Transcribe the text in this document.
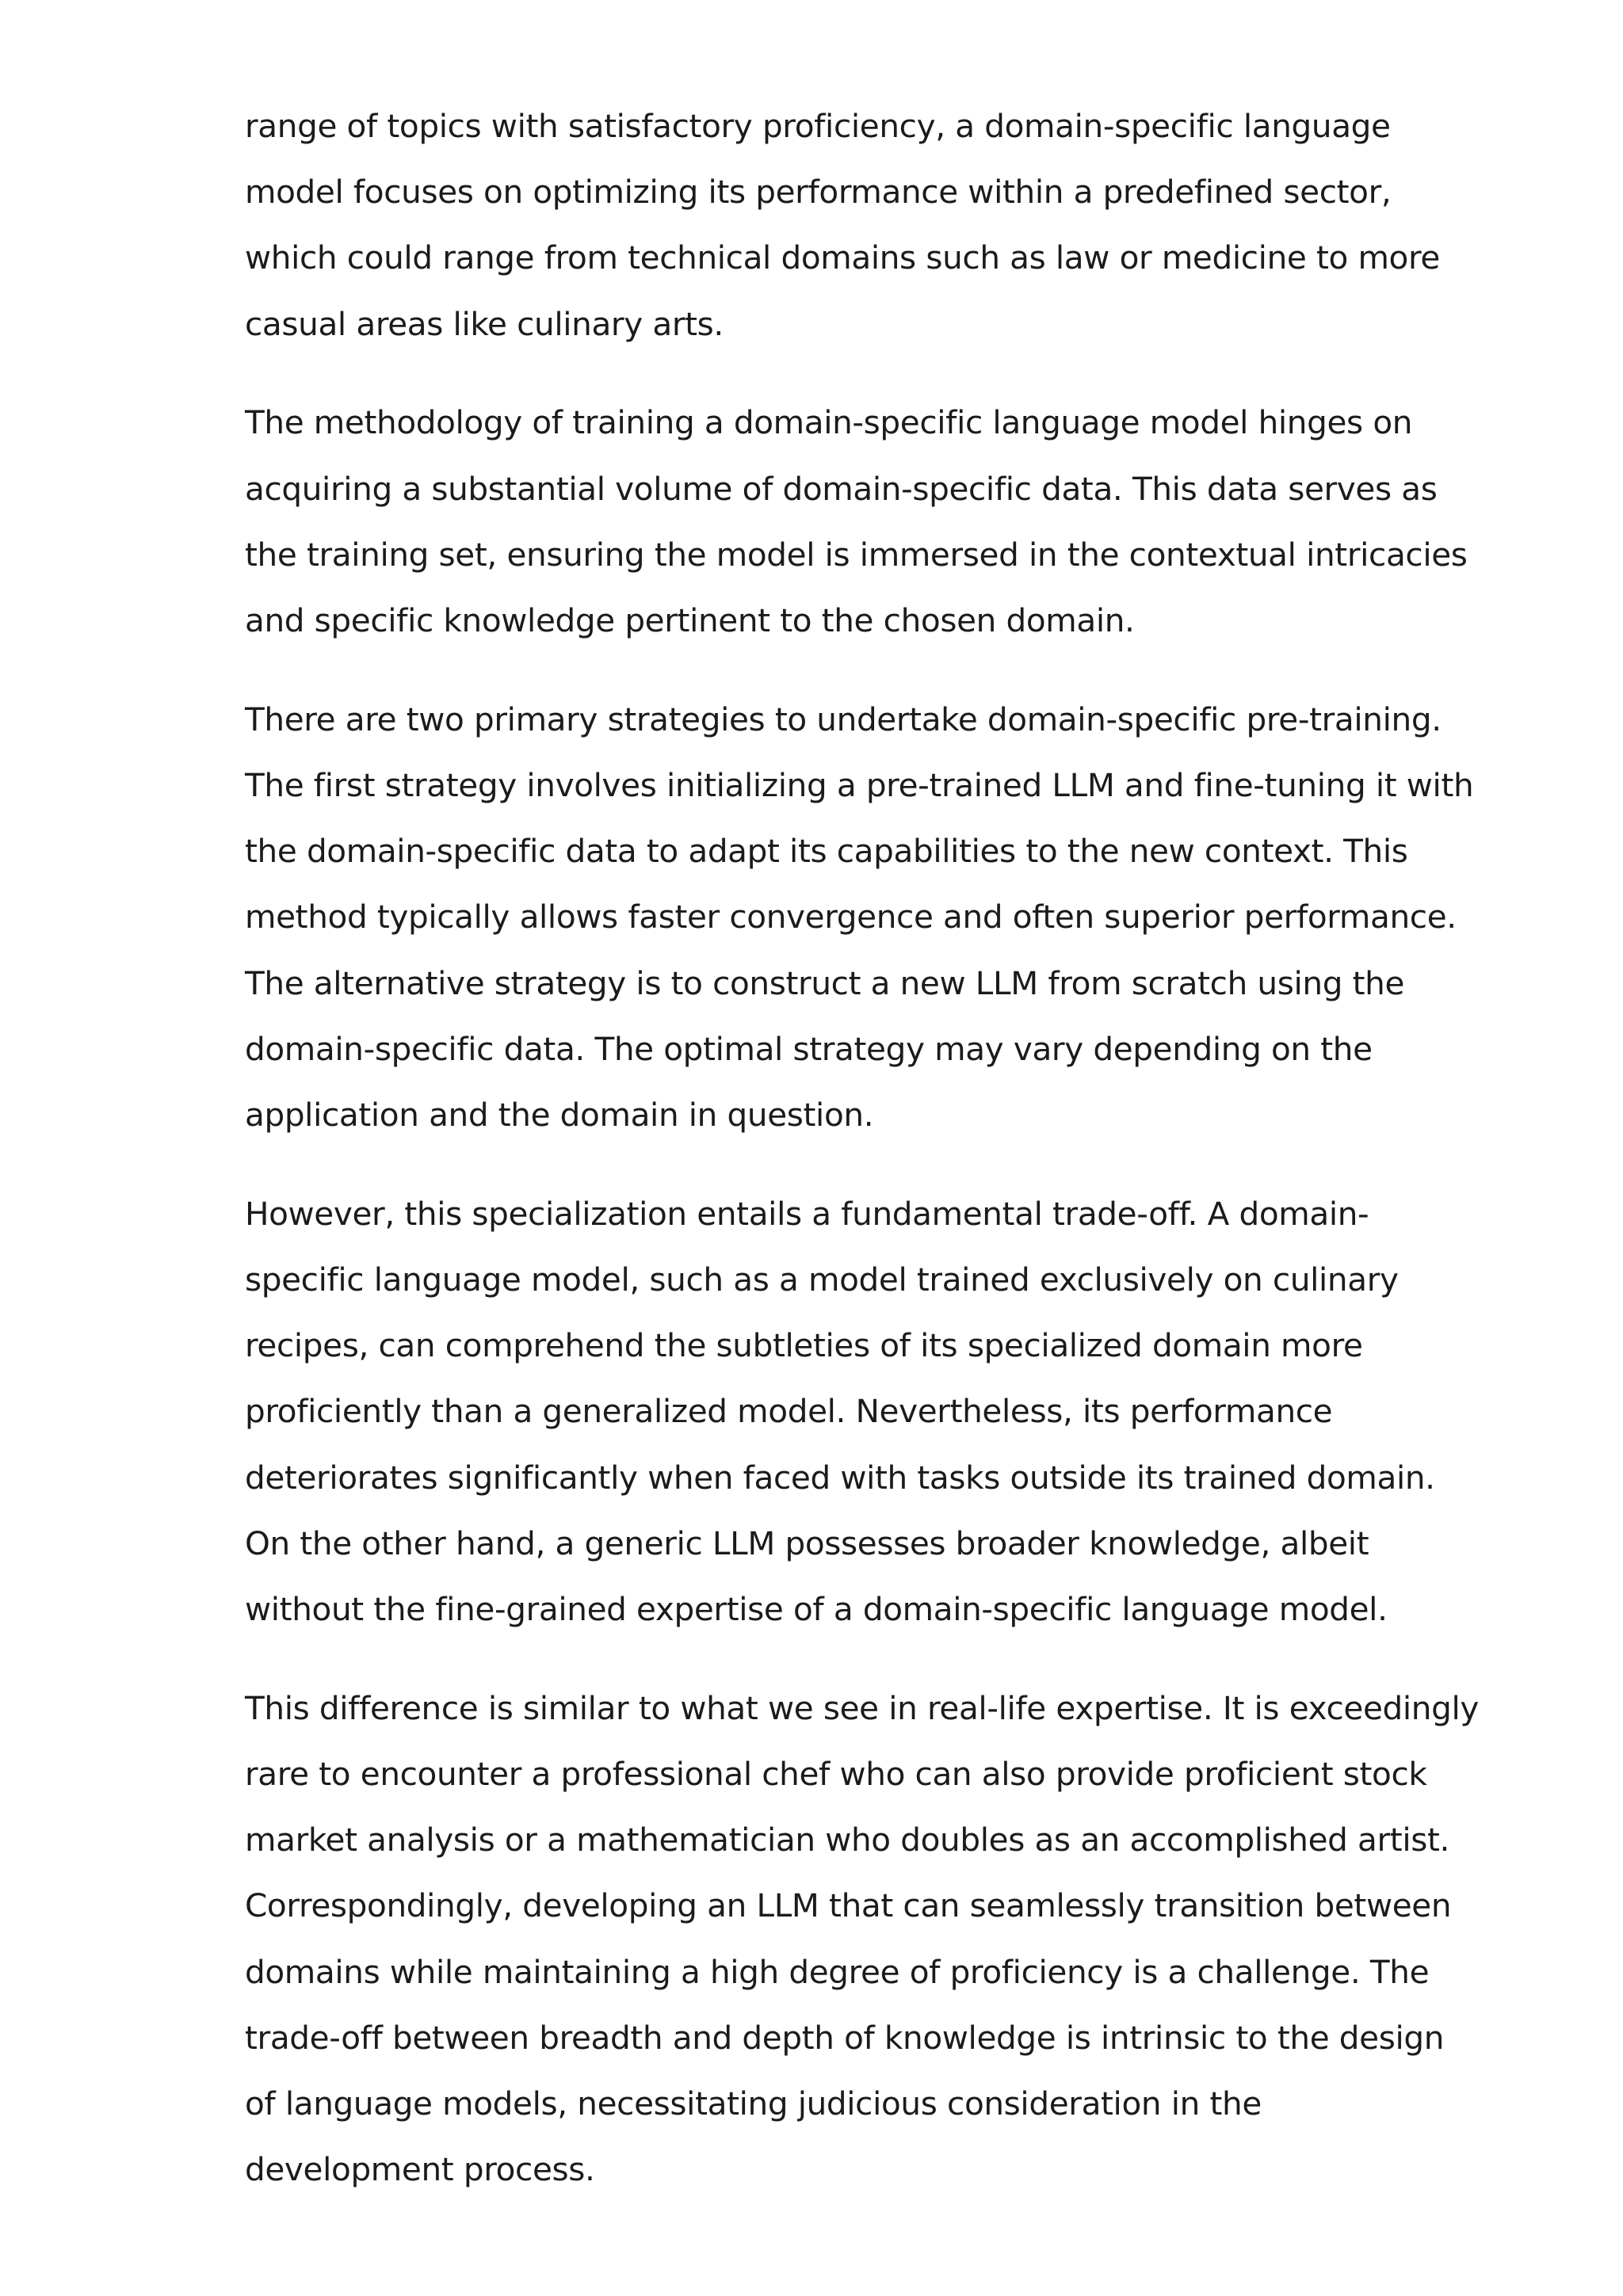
range of topics with satisfactory proficiency, a domain-specific language
model focuses on optimizing its performance within a predefined sector,
which could range from technical domains such as law or medicine to more
casual areas like culinary arts.

The methodology of training a domain-specific language model hinges on
acquiring a substantial volume of domain-specific data. This data serves as
the training set, ensuring the model is immersed in the contextual intricacies
and specific knowledge pertinent to the chosen domain.

There are two primary strategies to undertake domain-specific pre-training.
The first strategy involves initializing a pre-trained LLM and fine-tuning it with
the domain-specific data to adapt its capabilities to the new context. This
method typically allows faster convergence and often superior performance.
The alternative strategy is to construct a new LLM from scratch using the
domain-specific data. The optimal strategy may vary depending on the
application and the domain in question.

However, this specialization entails a fundamental trade-off. A domain-
specific language model, such as a model trained exclusively on culinary
recipes, can comprehend the subtleties of its specialized domain more
proficiently than a generalized model. Nevertheless, its performance
deteriorates significantly when faced with tasks outside its trained domain.
On the other hand, a generic LLM possesses broader knowledge, albeit
without the fine-grained expertise of a domain-specific language model.

This difference is similar to what we see in real-life expertise. It is exceedingly
rare to encounter a professional chef who can also provide proficient stock
market analysis or a mathematician who doubles as an accomplished artist.
Correspondingly, developing an LLM that can seamlessly transition between
domains while maintaining a high degree of proficiency is a challenge. The
trade-off between breadth and depth of knowledge is intrinsic to the design
of language models, necessitating judicious consideration in the
development process.
